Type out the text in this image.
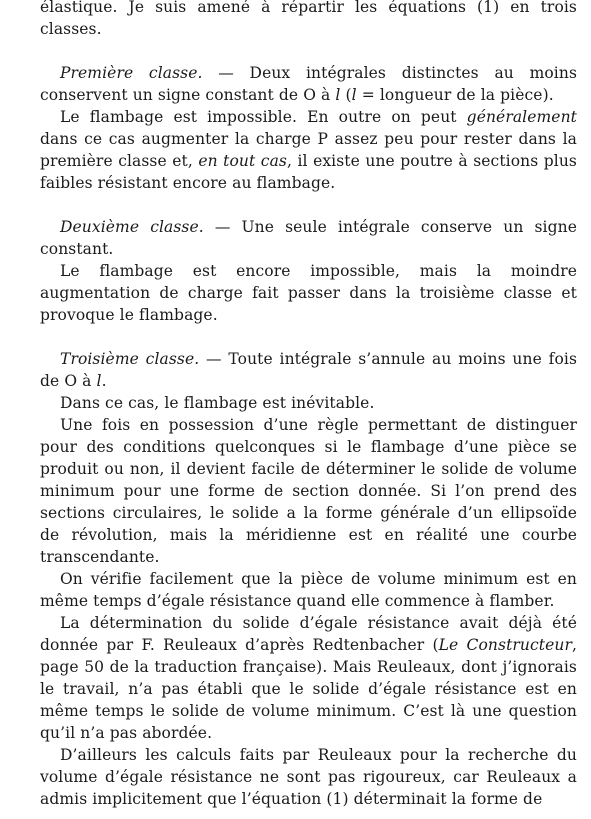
élastique. Je suis amené à répartir les équations (1) en trois classes.

Première classe. — Deux intégrales distinctes au moins conservent un signe constant de O à l (l = longueur de la pièce).

Le flambage est impossible. En outre on peut généralement dans ce cas augmenter la charge P assez peu pour rester dans la première classe et, en tout cas, il existe une poutre à sections plus faibles résistant encore au flambage.

Deuxième classe. — Une seule intégrale conserve un signe constant.

Le flambage est encore impossible, mais la moindre augmentation de charge fait passer dans la troisième classe et provoque le flambage.

Troisième classe. — Toute intégrale s’annule au moins une fois de O à l.

Dans ce cas, le flambage est inévitable.

Une fois en possession d’une règle permettant de distinguer pour des conditions quelconques si le flambage d’une pièce se produit ou non, il devient facile de déterminer le solide de volume minimum pour une forme de section donnée. Si l’on prend des sections circulaires, le solide a la forme générale d’un ellipsoïde de révolution, mais la méridienne est en réalité une courbe transcendante.

On vérifie facilement que la pièce de volume minimum est en même temps d’égale résistance quand elle commence à flamber.

La détermination du solide d’égale résistance avait déjà été donnée par F. Reuleaux d’après Redtenbacher (Le Constructeur, page 50 de la traduction française). Mais Reuleaux, dont j’ignorais le travail, n’a pas établi que le solide d’égale résistance est en même temps le solide de volume minimum. C’est là une question qu’il n’a pas abordée.

D’ailleurs les calculs faits par Reuleaux pour la recherche du volume d’égale résistance ne sont pas rigoureux, car Reuleaux a admis implicitement que l’équation (1) déterminait la forme de
